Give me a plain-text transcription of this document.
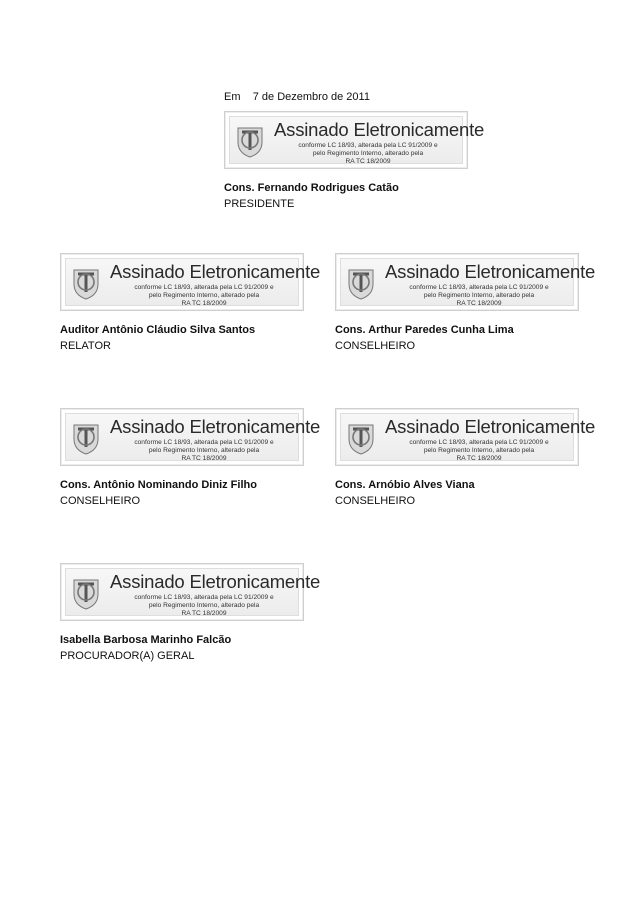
Em 7 de Dezembro de 2011
Assinado Eletronicamente
conforme LC 18/93, alterada pela LC 91/2009 e
pelo Regimento Interno, alterado pela
RA TC 18/2009
Cons. Fernando Rodrigues Catão
PRESIDENTE
Assinado Eletronicamente
conforme LC 18/93, alterada pela LC 91/2009 e
pelo Regimento Interno, alterado pela
RA TC 18/2009
Auditor Antônio Cláudio Silva Santos
RELATOR
Assinado Eletronicamente
conforme LC 18/93, alterada pela LC 91/2009 e
pelo Regimento Interno, alterado pela
RA TC 18/2009
Cons. Arthur Paredes Cunha Lima
CONSELHEIRO
Assinado Eletronicamente
conforme LC 18/93, alterada pela LC 91/2009 e
pelo Regimento Interno, alterado pela
RA TC 18/2009
Cons. Antônio Nominando Diniz Filho
CONSELHEIRO
Assinado Eletronicamente
conforme LC 18/93, alterada pela LC 91/2009 e
pelo Regimento Interno, alterado pela
RA TC 18/2009
Cons. Arnóbio Alves Viana
CONSELHEIRO
Assinado Eletronicamente
conforme LC 18/93, alterada pela LC 91/2009 e
pelo Regimento Interno, alterado pela
RA TC 18/2009
Isabella Barbosa Marinho Falcão
PROCURADOR(A) GERAL
